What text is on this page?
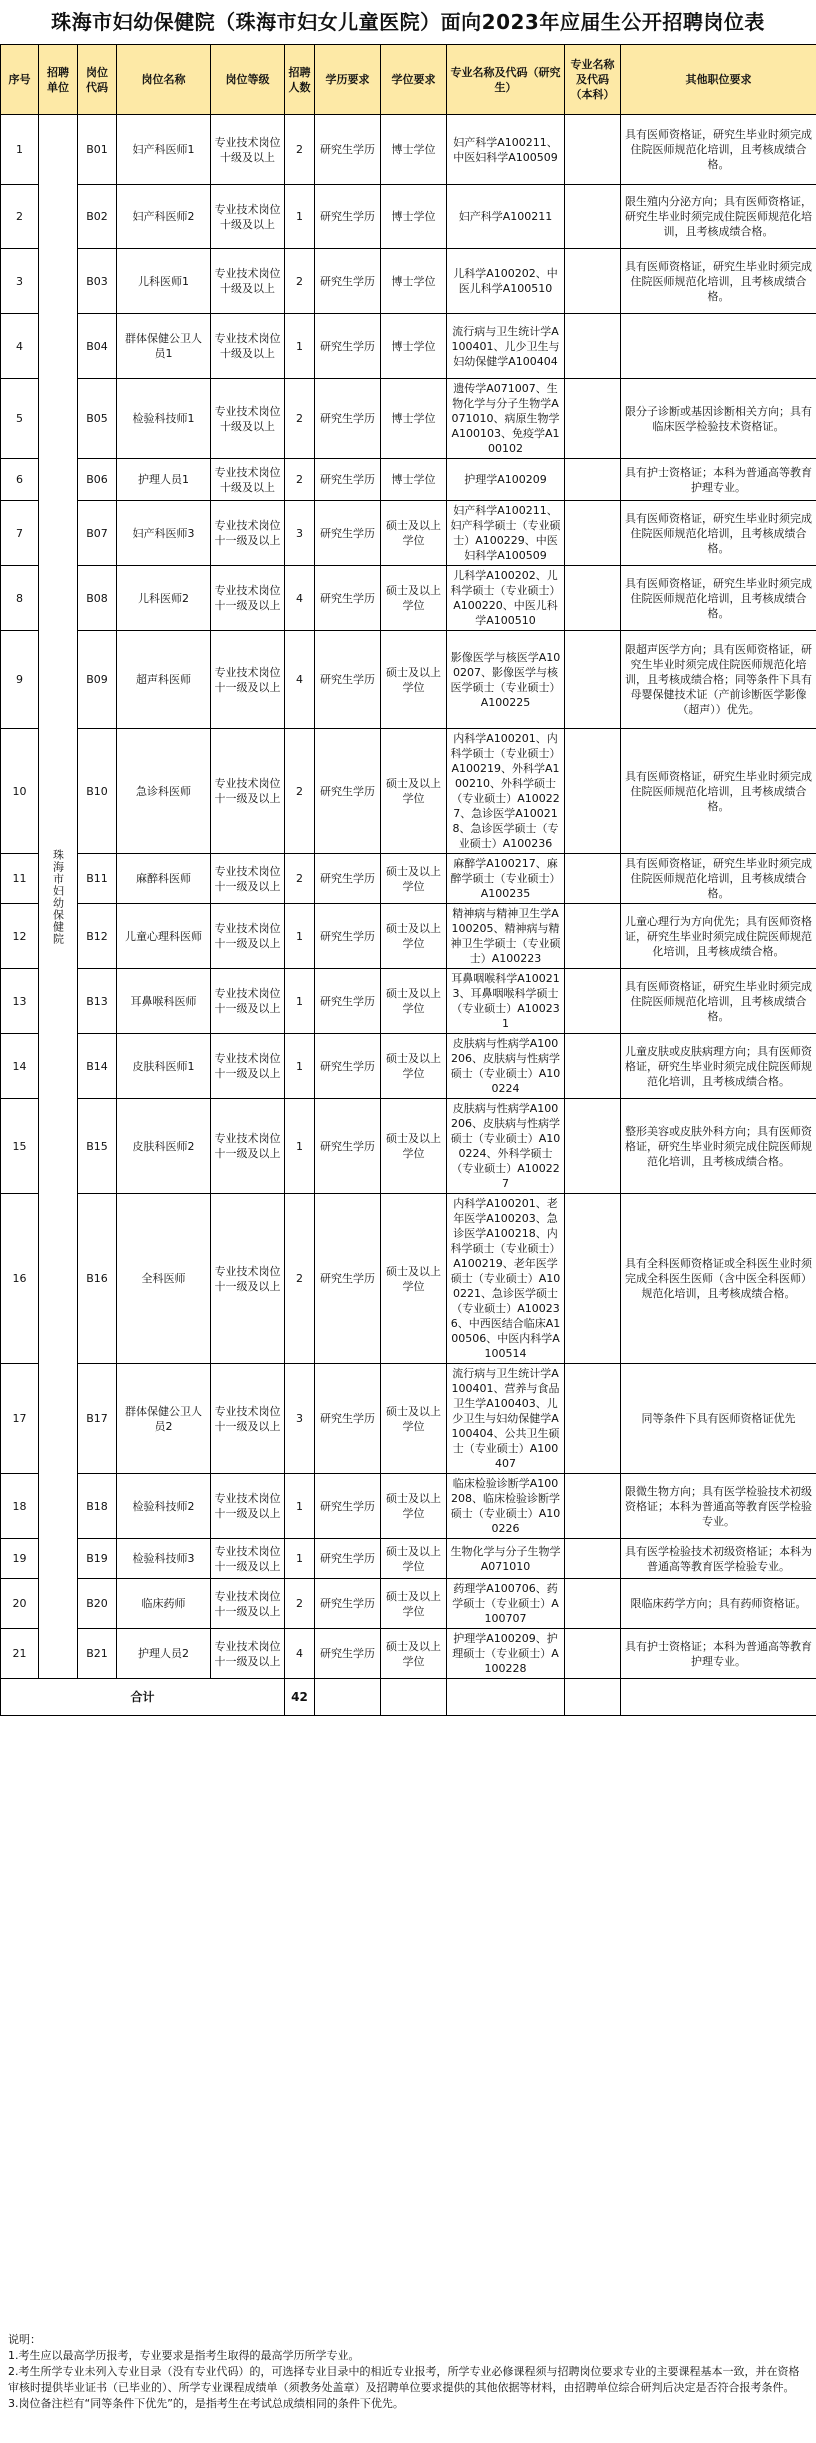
珠海市妇幼保健院（珠海市妇女儿童医院）面向2023年应届生公开招聘岗位表
序号	招聘单位	岗位代码	岗位名称	岗位等级	招聘人数	学历要求	学位要求	专业名称及代码（研究生）	专业名称及代码（本科）	其他职位要求
1	珠海市妇幼保健院	B01	妇产科医师1	专业技术岗位十级及以上	2	研究生学历	博士学位	妇产科学A100211、中医妇科学A100509		具有医师资格证，研究生毕业时须完成住院医师规范化培训，且考核成绩合格。
2		B02	妇产科医师2	专业技术岗位十级及以上	1	研究生学历	博士学位	妇产科学A100211		限生殖内分泌方向；具有医师资格证，研究生毕业时须完成住院医师规范化培训，且考核成绩合格。
3		B03	儿科医师1	专业技术岗位十级及以上	2	研究生学历	博士学位	儿科学A100202、中医儿科学A100510		具有医师资格证，研究生毕业时须完成住院医师规范化培训，且考核成绩合格。
4		B04	群体保健公卫人员1	专业技术岗位十级及以上	1	研究生学历	博士学位	流行病与卫生统计学A100401、儿少卫生与妇幼保健学A100404		
5		B05	检验科技师1	专业技术岗位十级及以上	2	研究生学历	博士学位	遗传学A071007、生物化学与分子生物学A071010、病原生物学A100103、免疫学A100102		限分子诊断或基因诊断相关方向；具有临床医学检验技术资格证。
6		B06	护理人员1	专业技术岗位十级及以上	2	研究生学历	博士学位	护理学A100209		具有护士资格证；本科为普通高等教育护理专业。
7		B07	妇产科医师3	专业技术岗位十一级及以上	3	研究生学历	硕士及以上学位	妇产科学A100211、妇产科学硕士（专业硕士）A100229、中医妇科学A100509		具有医师资格证，研究生毕业时须完成住院医师规范化培训，且考核成绩合格。
8		B08	儿科医师2	专业技术岗位十一级及以上	4	研究生学历	硕士及以上学位	儿科学A100202、儿科学硕士（专业硕士）A100220、中医儿科学A100510		具有医师资格证，研究生毕业时须完成住院医师规范化培训，且考核成绩合格。
9		B09	超声科医师	专业技术岗位十一级及以上	4	研究生学历	硕士及以上学位	影像医学与核医学A100207、影像医学与核医学硕士（专业硕士）A100225		限超声医学方向；具有医师资格证，研究生毕业时须完成住院医师规范化培训，且考核成绩合格；同等条件下具有母婴保健技术证（产前诊断医学影像（超声））优先。
10		B10	急诊科医师	专业技术岗位十一级及以上	2	研究生学历	硕士及以上学位	内科学A100201、内科学硕士（专业硕士）A100219、外科学A100210、外科学硕士（专业硕士）A100227、急诊医学A100218、急诊医学硕士（专业硕士）A100236		具有医师资格证，研究生毕业时须完成住院医师规范化培训，且考核成绩合格。
11		B11	麻醉科医师	专业技术岗位十一级及以上	2	研究生学历	硕士及以上学位	麻醉学A100217、麻醉学硕士（专业硕士）A100235		具有医师资格证，研究生毕业时须完成住院医师规范化培训，且考核成绩合格。
12		B12	儿童心理科医师	专业技术岗位十一级及以上	1	研究生学历	硕士及以上学位	精神病与精神卫生学A100205、精神病与精神卫生学硕士（专业硕士）A100223		儿童心理行为方向优先；具有医师资格证，研究生毕业时须完成住院医师规范化培训，且考核成绩合格。
13		B13	耳鼻喉科医师	专业技术岗位十一级及以上	1	研究生学历	硕士及以上学位	耳鼻咽喉科学A100213、耳鼻咽喉科学硕士（专业硕士）A100231		具有医师资格证，研究生毕业时须完成住院医师规范化培训，且考核成绩合格。
14		B14	皮肤科医师1	专业技术岗位十一级及以上	1	研究生学历	硕士及以上学位	皮肤病与性病学A100206、皮肤病与性病学硕士（专业硕士）A100224		儿童皮肤或皮肤病理方向；具有医师资格证，研究生毕业时须完成住院医师规范化培训，且考核成绩合格。
15		B15	皮肤科医师2	专业技术岗位十一级及以上	1	研究生学历	硕士及以上学位	皮肤病与性病学A100206、皮肤病与性病学硕士（专业硕士）A100224、外科学硕士（专业硕士）A100227		整形美容或皮肤外科方向；具有医师资格证，研究生毕业时须完成住院医师规范化培训，且考核成绩合格。
16		B16	全科医师	专业技术岗位十一级及以上	2	研究生学历	硕士及以上学位	内科学A100201、老年医学A100203、急诊医学A100218、内科学硕士（专业硕士）A100219、老年医学硕士（专业硕士）A100221、急诊医学硕士（专业硕士）A100236、中西医结合临床A100506、中医内科学A100514		具有全科医师资格证或全科医生业时须完成全科医生医师（含中医全科医师）规范化培训，且考核成绩合格。
17		B17	群体保健公卫人员2	专业技术岗位十一级及以上	3	研究生学历	硕士及以上学位	流行病与卫生统计学A100401、营养与食品卫生学A100403、儿少卫生与妇幼保健学A100404、公共卫生硕士（专业硕士）A100407		同等条件下具有医师资格证优先
18		B18	检验科技师2	专业技术岗位十一级及以上	1	研究生学历	硕士及以上学位	临床检验诊断学A100208、临床检验诊断学硕士（专业硕士）A100226		限微生物方向；具有医学检验技术初级资格证；本科为普通高等教育医学检验专业。
19		B19	检验科技师3	专业技术岗位十一级及以上	1	研究生学历	硕士及以上学位	生物化学与分子生物学A071010		具有医学检验技术初级资格证；本科为普通高等教育医学检验专业。
20		B20	临床药师	专业技术岗位十一级及以上	2	研究生学历	硕士及以上学位	药理学A100706、药学硕士（专业硕士）A100707		限临床药学方向；具有药师资格证。
21		B21	护理人员2	专业技术岗位十一级及以上	4	研究生学历	硕士及以上学位	护理学A100209、护理硕士（专业硕士）A100228		具有护士资格证；本科为普通高等教育护理专业。
合计					42					
说明：
1.考生应以最高学历报考，专业要求是指考生取得的最高学历所学专业。
2.考生所学专业未列入专业目录（没有专业代码）的，可选择专业目录中的相近专业报考，所学专业必修课程须与招聘岗位要求专业的主要课程基本一致，并在资格审核时提供毕业证书（已毕业的）、所学专业课程成绩单（须教务处盖章）及招聘单位要求提供的其他依据等材料，由招聘单位综合研判后决定是否符合报考条件。
3.岗位备注栏有“同等条件下优先”的，是指考生在考试总成绩相同的条件下优先。
